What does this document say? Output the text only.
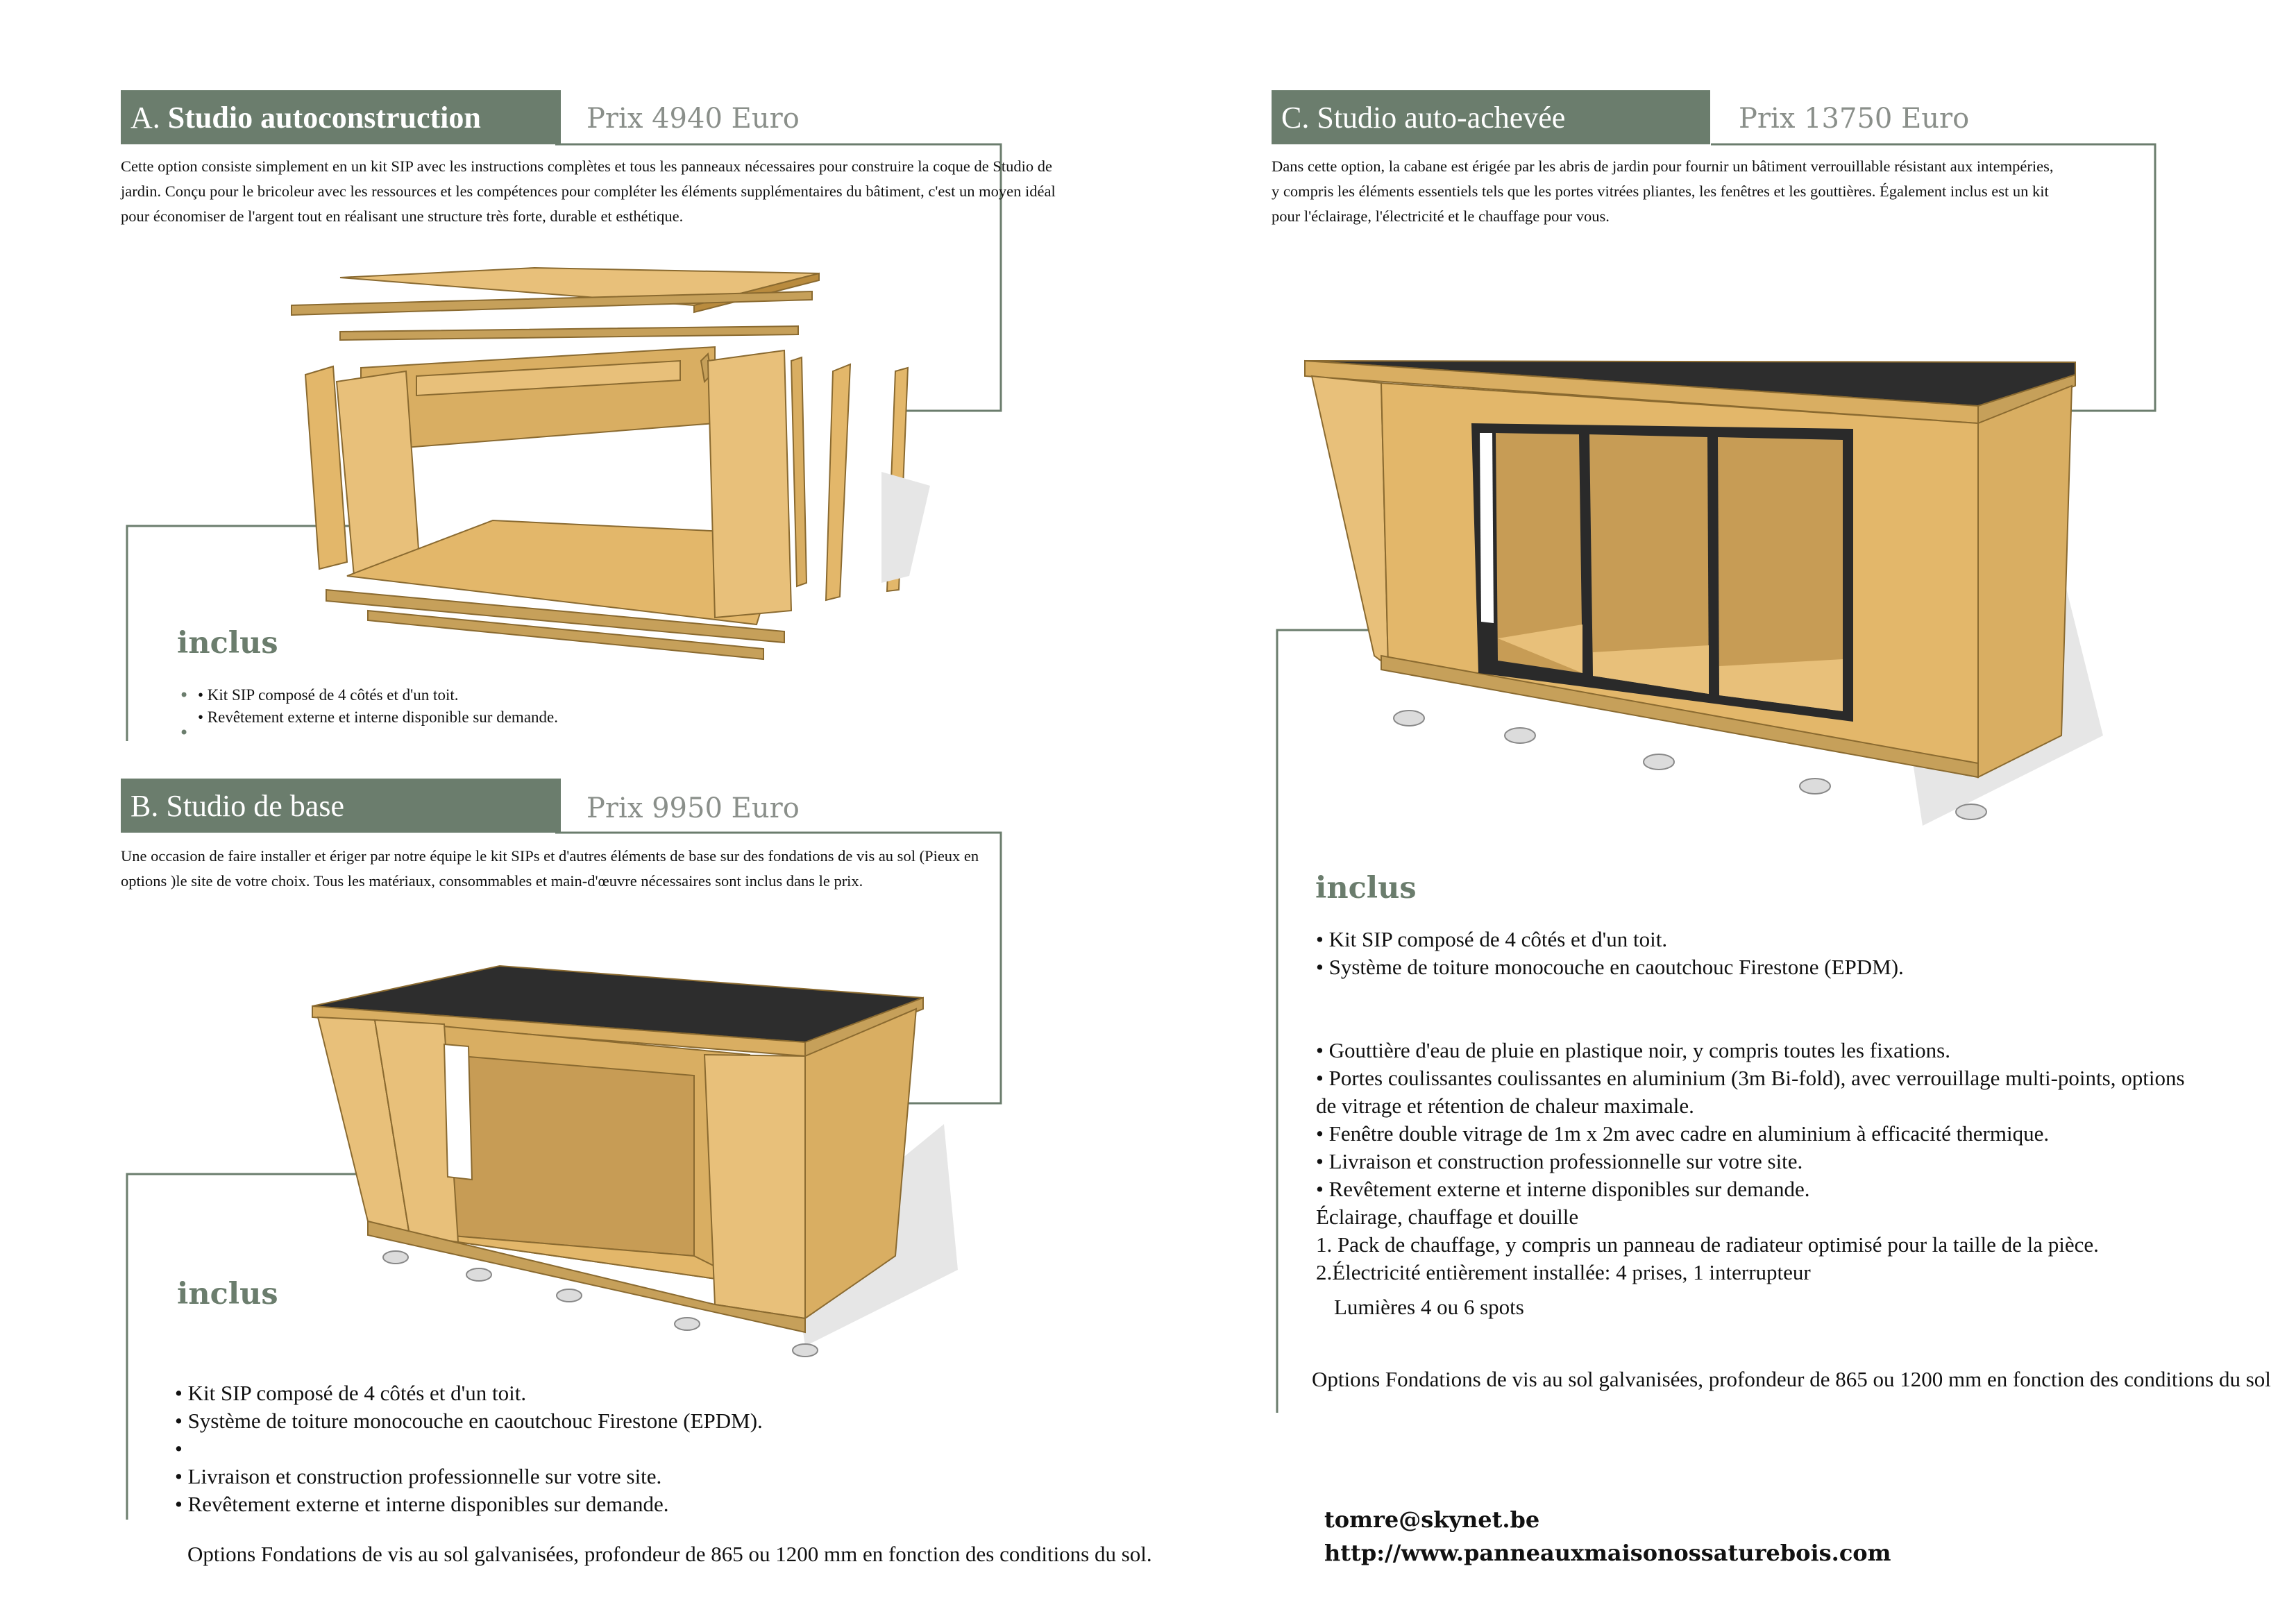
A.
Studio autoconstruction	Prix 4940 Euro
Cette option consiste simplement en un kit SIP avec les instructions complètes et tous les panneaux nécessaires pour construire la coque de Studio de jardin. Conçu pour le bricoleur avec les ressources et les compétences pour compléter les éléments supplémentaires du bâtiment, c'est un moyen idéal pour économiser de l'argent tout en réalisant une structure très forte, durable et esthétique.
inclus
•
•
• Kit SIP composé de 4 côtés et d'un toit.
• Revêtement externe et interne disponible sur demande.
B.
Studio de base	Prix 9950 Euro
Une occasion de faire installer et ériger par notre équipe le kit SIPs et d'autres éléments de base sur des fondations de vis au sol (Pieux en options )le site de votre choix. Tous les matériaux, consommables et main-d'œuvre nécessaires sont inclus dans le prix.
inclus
• Kit SIP composé de 4 côtés et d'un toit.
• Système de toiture monocouche en caoutchouc Firestone (EPDM).
•
• Livraison et construction professionnelle sur votre site.
• Revêtement externe et interne disponibles sur demande.
Options Fondations de vis au sol galvanisées, profondeur de 865 ou 1200 mm en fonction des conditions du sol.
C.
Studio auto-achevée	Prix 13750 Euro
Dans cette option, la cabane est érigée par les abris de jardin pour fournir un bâtiment verrouillable résistant aux intempéries, y compris les éléments essentiels tels que les portes vitrées pliantes, les fenêtres et les gouttières. Également inclus est un kit pour l'éclairage, l'électricité et le chauffage pour vous.
inclus
• Kit SIP composé de 4 côtés et d'un toit.
• Système de toiture monocouche en caoutchouc Firestone (EPDM).
• Gouttière d'eau de pluie en plastique noir, y compris toutes les fixations.
• Portes coulissantes coulissantes en aluminium (3m Bi-fold), avec verrouillage multi-points, options
de vitrage et rétention de chaleur maximale.
• Fenêtre double vitrage de 1m x 2m avec cadre en aluminium à efficacité thermique.
• Livraison et construction professionnelle sur votre site.
• Revêtement externe et interne disponibles sur demande.
Éclairage, chauffage et douille
1. Pack de chauffage, y compris un panneau de radiateur optimisé pour la taille de la pièce.
2.Électricité entièrement installée: 4 prises, 1 interrupteur
Lumières 4 ou 6 spots
Options Fondations de vis au sol galvanisées, profondeur de 865 ou 1200 mm en fonction des conditions du sol
tomre@skynet.be
http://www.panneauxmaisonossaturebois.com
